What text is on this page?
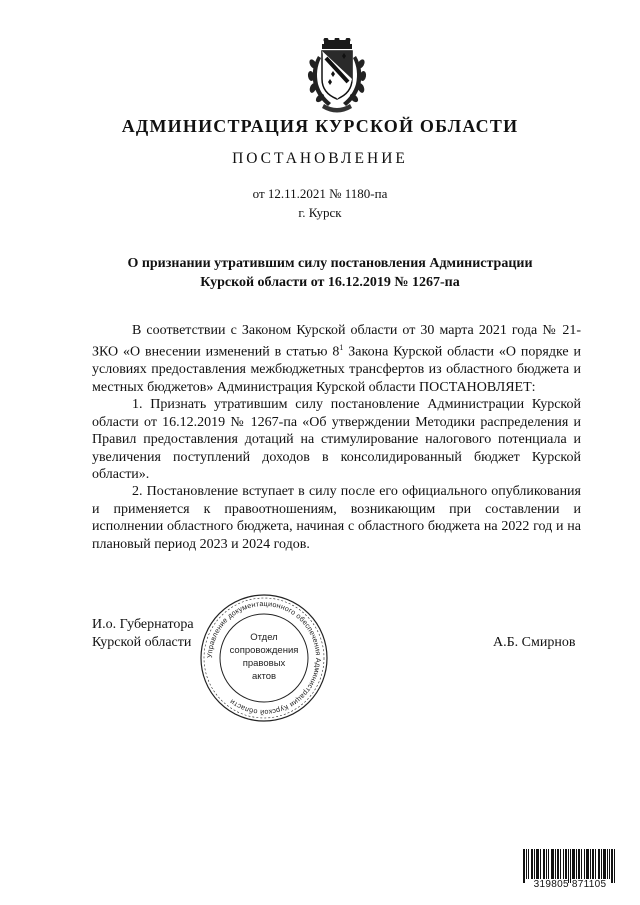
АДМИНИСТРАЦИЯ КУРСКОЙ ОБЛАСТИ
ПОСТАНОВЛЕНИЕ
от 12.11.2021 № 1180-па
г. Курск
О признании утратившим силу постановления Администрации
Курской области от 16.12.2019 № 1267-па

В соответствии с Законом Курской области от 30 марта 2021 года № 21-ЗКО «О внесении изменений в статью $8^1$ Закона Курской области «О порядке и условиях предоставления межбюджетных трансфертов из областного бюджета и местных бюджетов» Администрация Курской области ПОСТАНОВЛЯЕТ:

1. Признать утратившим силу постановление Администрации Курской области от 16.12.2019 № 1267-па «Об утверждении Методики распределения и Правил предоставления дотаций на стимулирование налогового потенциала и увеличения поступлений доходов в консолидированный бюджет Курской области».

2. Постановление вступает в силу после его официального опубликования и применяется к правоотношениям, возникающим при составлении и исполнении областного бюджета, начиная с областного бюджета на 2022 год и на плановый период 2023 и 2024 годов.

И.о. Губернатора
Курской области	А.Б. Смирнов
Управление документационного обеспечения Администрации Курской области
Отдел
сопровождения
правовых
актов
319805 871105
